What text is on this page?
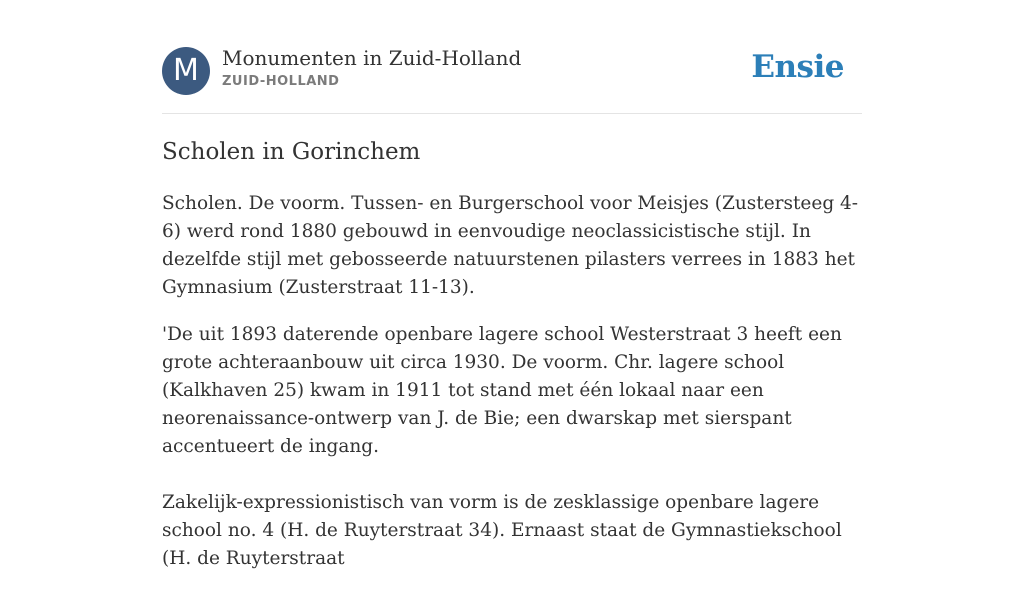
M	Monumenten in Zuid-Holland
ZUID-HOLLAND	Ensie
Scholen in Gorinchem

Scholen. De voorm. Tussen- en Burgerschool voor Meisjes (Zustersteeg 4-6) werd rond 1880 gebouwd in eenvoudige neoclassicistische stijl. In dezelfde stijl met gebosseerde natuurstenen pilasters verrees in 1883 het Gymnasium (Zusterstraat 11-13).

'De uit 1893 daterende openbare lagere school Westerstraat 3 heeft een grote achteraanbouw uit circa 1930. De voorm. Chr. lagere school (Kalkhaven 25) kwam in 1911 tot stand met één lokaal naar een neorenaissance-ontwerp van J. de Bie; een dwarskap met sierspant accentueert de ingang.

Zakelijk-expressionistisch van vorm is de zesklassige openbare lagere school no. 4 (H. de Ruyterstraat 34). Ernaast staat de Gymnastiekschool (H. de Ruyterstraat
